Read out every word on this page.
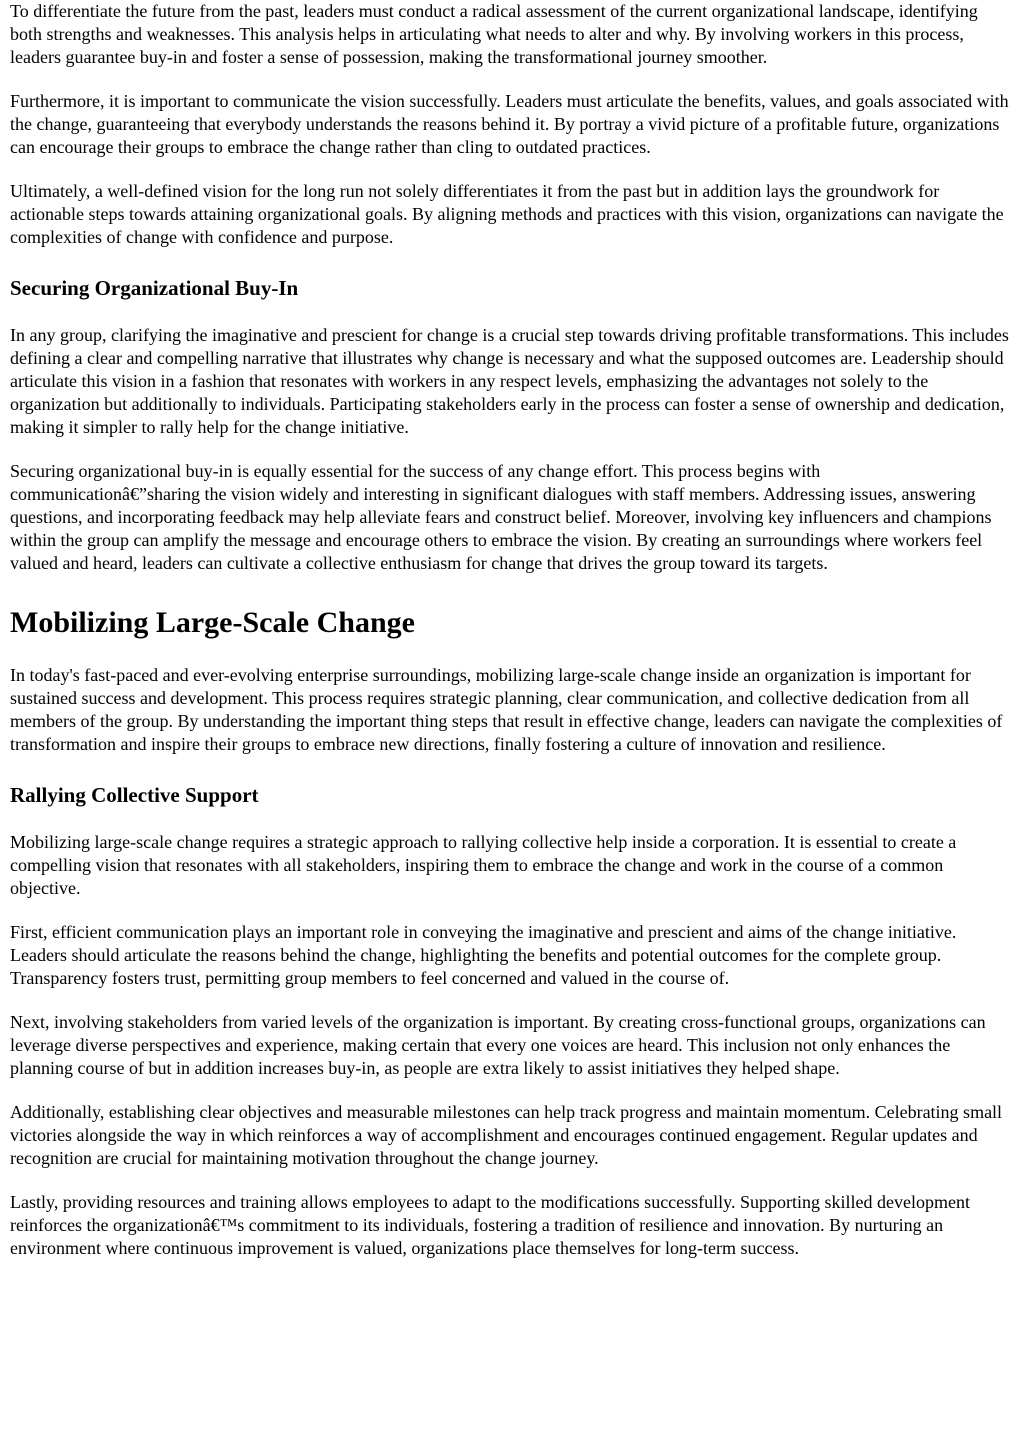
To differentiate the future from the past, leaders must conduct a radical assessment of the current organizational landscape, identifying both strengths and weaknesses. This analysis helps in articulating what needs to alter and why. By involving workers in this process, leaders guarantee buy-in and foster a sense of possession, making the transformational journey smoother.

Furthermore, it is important to communicate the vision successfully. Leaders must articulate the benefits, values, and goals associated with the change, guaranteeing that everybody understands the reasons behind it. By portray a vivid picture of a profitable future, organizations can encourage their groups to embrace the change rather than cling to outdated practices.

Ultimately, a well-defined vision for the long run not solely differentiates it from the past but in addition lays the groundwork for actionable steps towards attaining organizational goals. By aligning methods and practices with this vision, organizations can navigate the complexities of change with confidence and purpose.

Securing Organizational Buy-In

In any group, clarifying the imaginative and prescient for change is a crucial step towards driving profitable transformations. This includes defining a clear and compelling narrative that illustrates why change is necessary and what the supposed outcomes are. Leadership should articulate this vision in a fashion that resonates with workers in any respect levels, emphasizing the advantages not solely to the organization but additionally to individuals. Participating stakeholders early in the process can foster a sense of ownership and dedication, making it simpler to rally help for the change initiative.

Securing organizational buy-in is equally essential for the success of any change effort. This process begins with communicationâ€”sharing the vision widely and interesting in significant dialogues with staff members. Addressing issues, answering questions, and incorporating feedback may help alleviate fears and construct belief. Moreover, involving key influencers and champions within the group can amplify the message and encourage others to embrace the vision. By creating an surroundings where workers feel valued and heard, leaders can cultivate a collective enthusiasm for change that drives the group toward its targets.

Mobilizing Large-Scale Change

In today's fast-paced and ever-evolving enterprise surroundings, mobilizing large-scale change inside an organization is important for sustained success and development. This process requires strategic planning, clear communication, and collective dedication from all members of the group. By understanding the important thing steps that result in effective change, leaders can navigate the complexities of transformation and inspire their groups to embrace new directions, finally fostering a culture of innovation and resilience.

Rallying Collective Support

Mobilizing large-scale change requires a strategic approach to rallying collective help inside a corporation. It is essential to create a compelling vision that resonates with all stakeholders, inspiring them to embrace the change and work in the course of a common objective.

First, efficient communication plays an important role in conveying the imaginative and prescient and aims of the change initiative. Leaders should articulate the reasons behind the change, highlighting the benefits and potential outcomes for the complete group. Transparency fosters trust, permitting group members to feel concerned and valued in the course of.

Next, involving stakeholders from varied levels of the organization is important. By creating cross-functional groups, organizations can leverage diverse perspectives and experience, making certain that every one voices are heard. This inclusion not only enhances the planning course of but in addition increases buy-in, as people are extra likely to assist initiatives they helped shape.

Additionally, establishing clear objectives and measurable milestones can help track progress and maintain momentum. Celebrating small victories alongside the way in which reinforces a way of accomplishment and encourages continued engagement. Regular updates and recognition are crucial for maintaining motivation throughout the change journey.

Lastly, providing resources and training allows employees to adapt to the modifications successfully. Supporting skilled development reinforces the organizationâ€™s commitment to its individuals, fostering a tradition of resilience and innovation. By nurturing an environment where continuous improvement is valued, organizations place themselves for long-term success.
